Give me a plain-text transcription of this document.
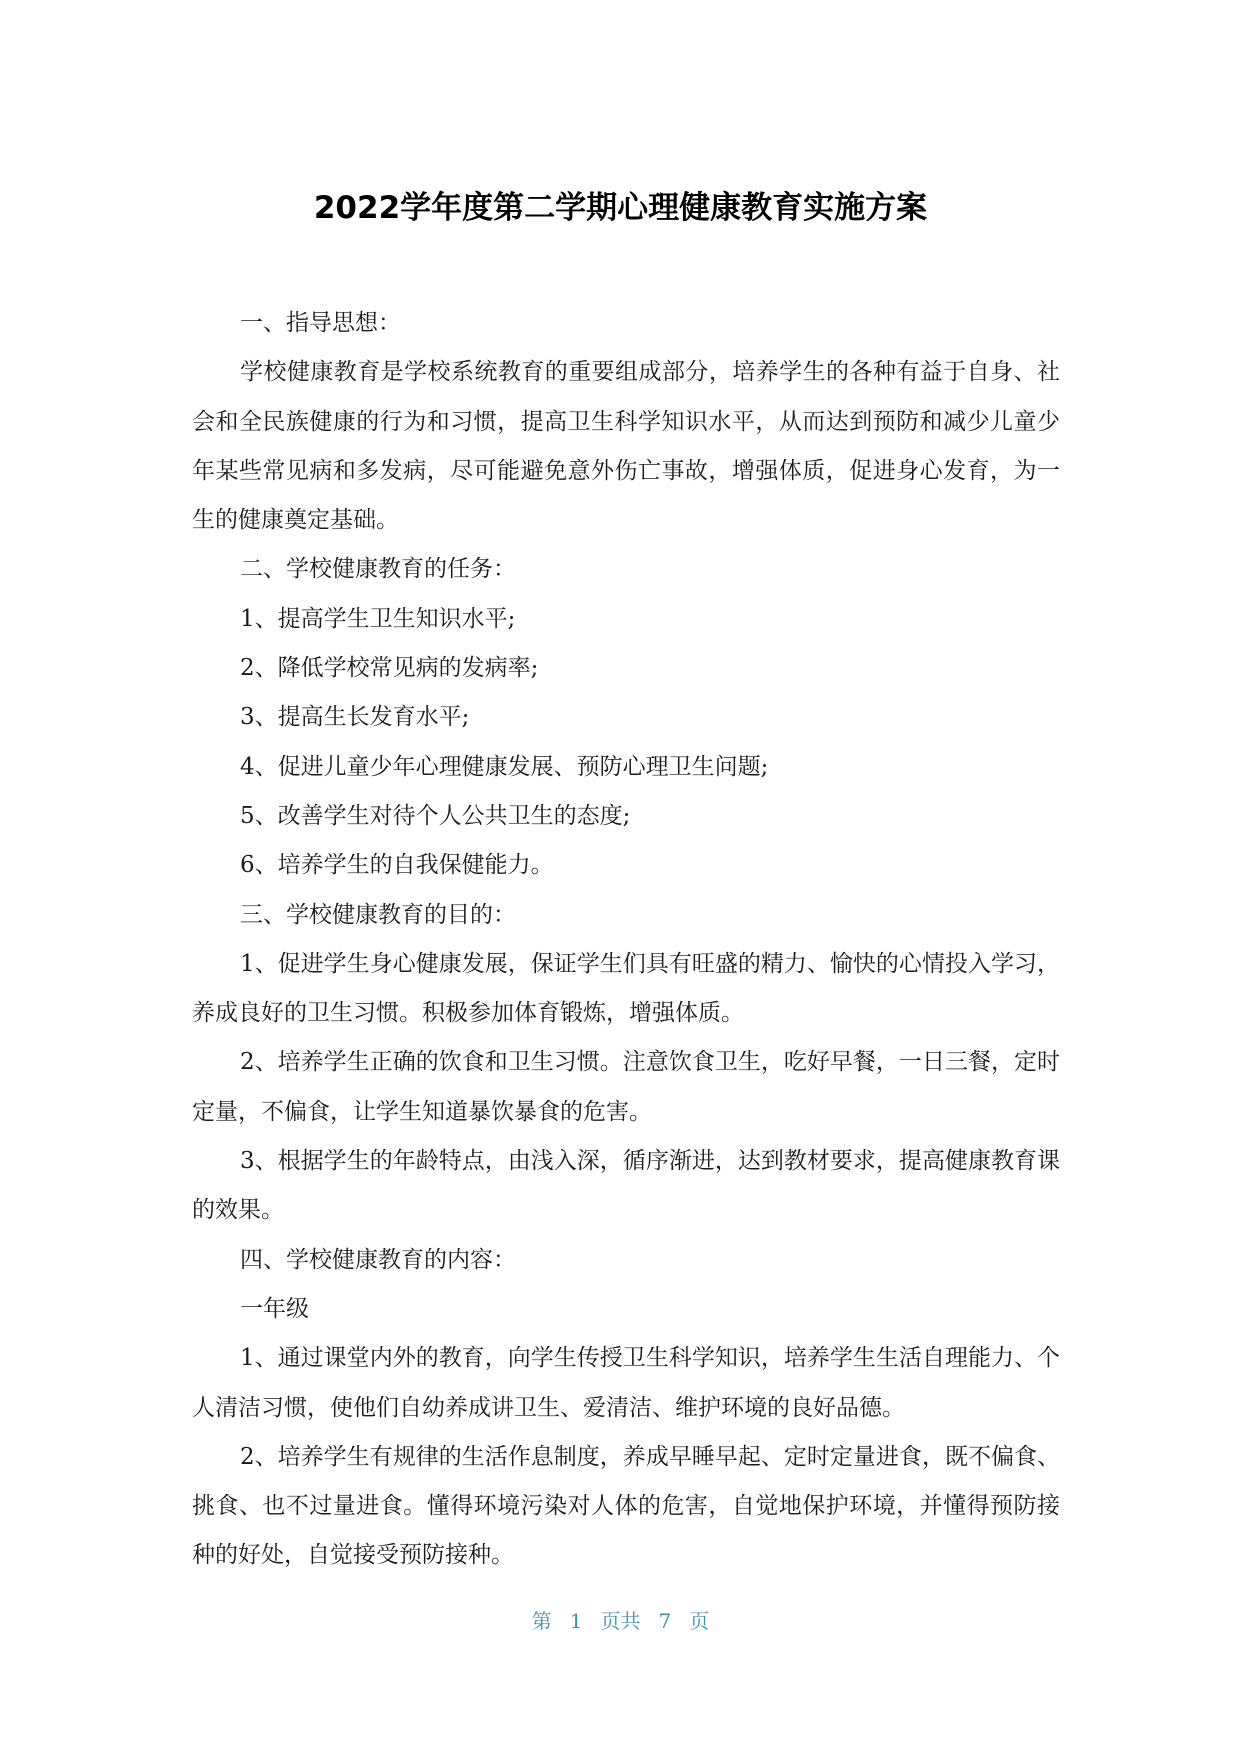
2022学年度第二学期心理健康教育实施方案

一、指导思想：

学校健康教育是学校系统教育的重要组成部分，培养学生的各种有益于自身、社会和全民族健康的行为和习惯，提高卫生科学知识水平，从而达到预防和减少儿童少年某些常见病和多发病，尽可能避免意外伤亡事故，增强体质，促进身心发育，为一生的健康奠定基础。

二、学校健康教育的任务：

1、提高学生卫生知识水平;

2、降低学校常见病的发病率;

3、提高生长发育水平;

4、促进儿童少年心理健康发展、预防心理卫生问题;

5、改善学生对待个人公共卫生的态度;

6、培养学生的自我保健能力。

三、学校健康教育的目的：

1、促进学生身心健康发展，保证学生们具有旺盛的精力、愉快的心情投入学习，养成良好的卫生习惯。积极参加体育锻炼，增强体质。

2、培养学生正确的饮食和卫生习惯。注意饮食卫生，吃好早餐，一日三餐，定时定量，不偏食，让学生知道暴饮暴食的危害。

3、根据学生的年龄特点，由浅入深，循序渐进，达到教材要求，提高健康教育课的效果。

四、学校健康教育的内容：

一年级

1、通过课堂内外的教育，向学生传授卫生科学知识，培养学生生活自理能力、个人清洁习惯，使他们自幼养成讲卫生、爱清洁、维护环境的良好品德。

2、培养学生有规律的生活作息制度，养成早睡早起、定时定量进食，既不偏食、挑食、也不过量进食。懂得环境污染对人体的危害，自觉地保护环境，并懂得预防接种的好处，自觉接受预防接种。

第 1 页共 7 页
